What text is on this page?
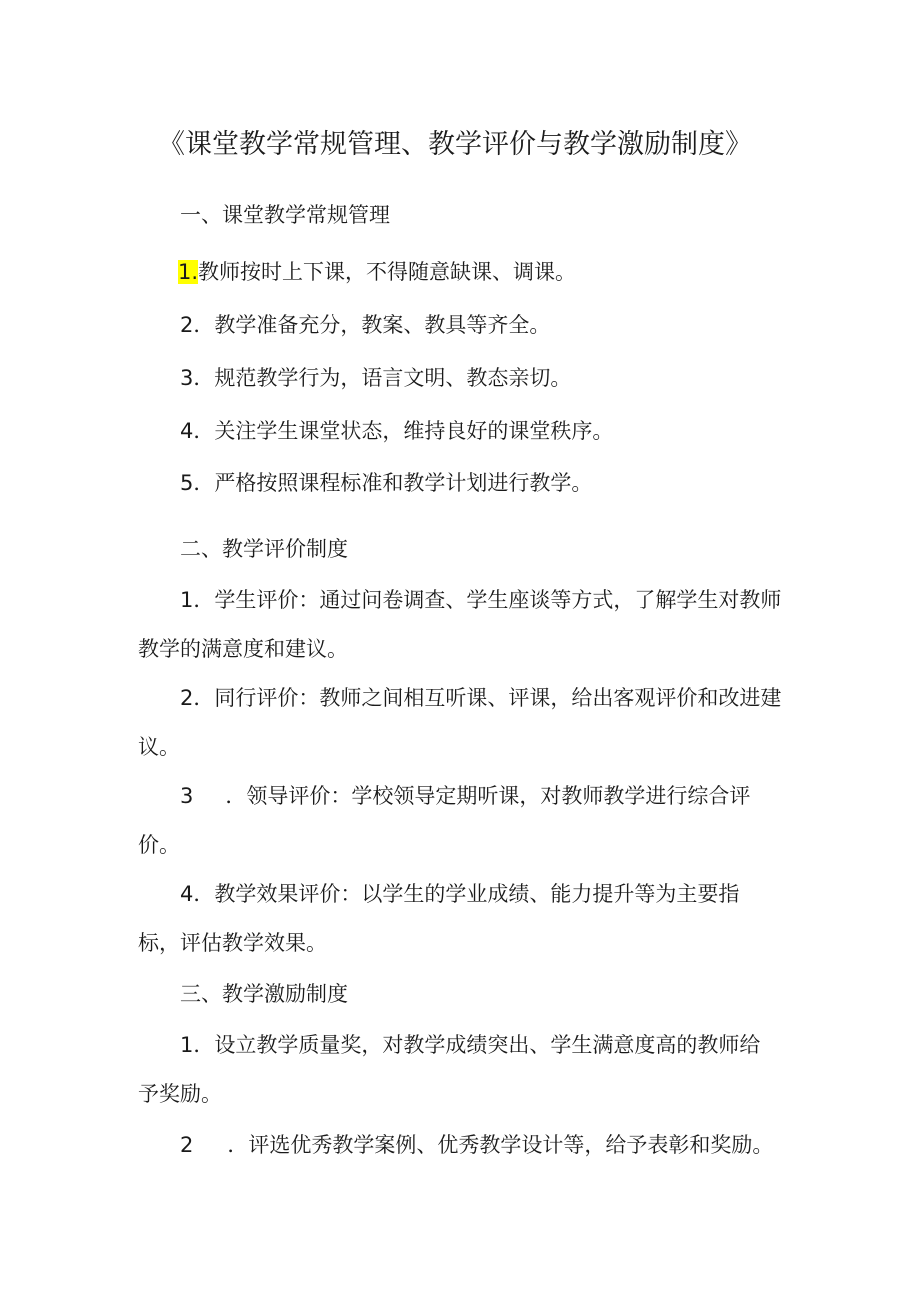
《课堂教学常规管理、教学评价与教学激励制度》
一、课堂教学常规管理
1.教师按时上下课，不得随意缺课、调课。
2．教学准备充分，教案、教具等齐全。
3．规范教学行为，语言文明、教态亲切。
4．关注学生课堂状态，维持良好的课堂秩序。
5．严格按照课程标准和教学计划进行教学。
二、教学评价制度
1．学生评价：通过问卷调查、学生座谈等方式，了解学生对教师
教学的满意度和建议。
2．同行评价：教师之间相互听课、评课，给出客观评价和改进建
议。
3 ．领导评价：学校领导定期听课，对教师教学进行综合评
价。
4．教学效果评价：以学生的学业成绩、能力提升等为主要指
标，评估教学效果。
三、教学激励制度
1．设立教学质量奖，对教学成绩突出、学生满意度高的教师给
予奖励。
2 ．评选优秀教学案例、优秀教学设计等，给予表彰和奖励。
